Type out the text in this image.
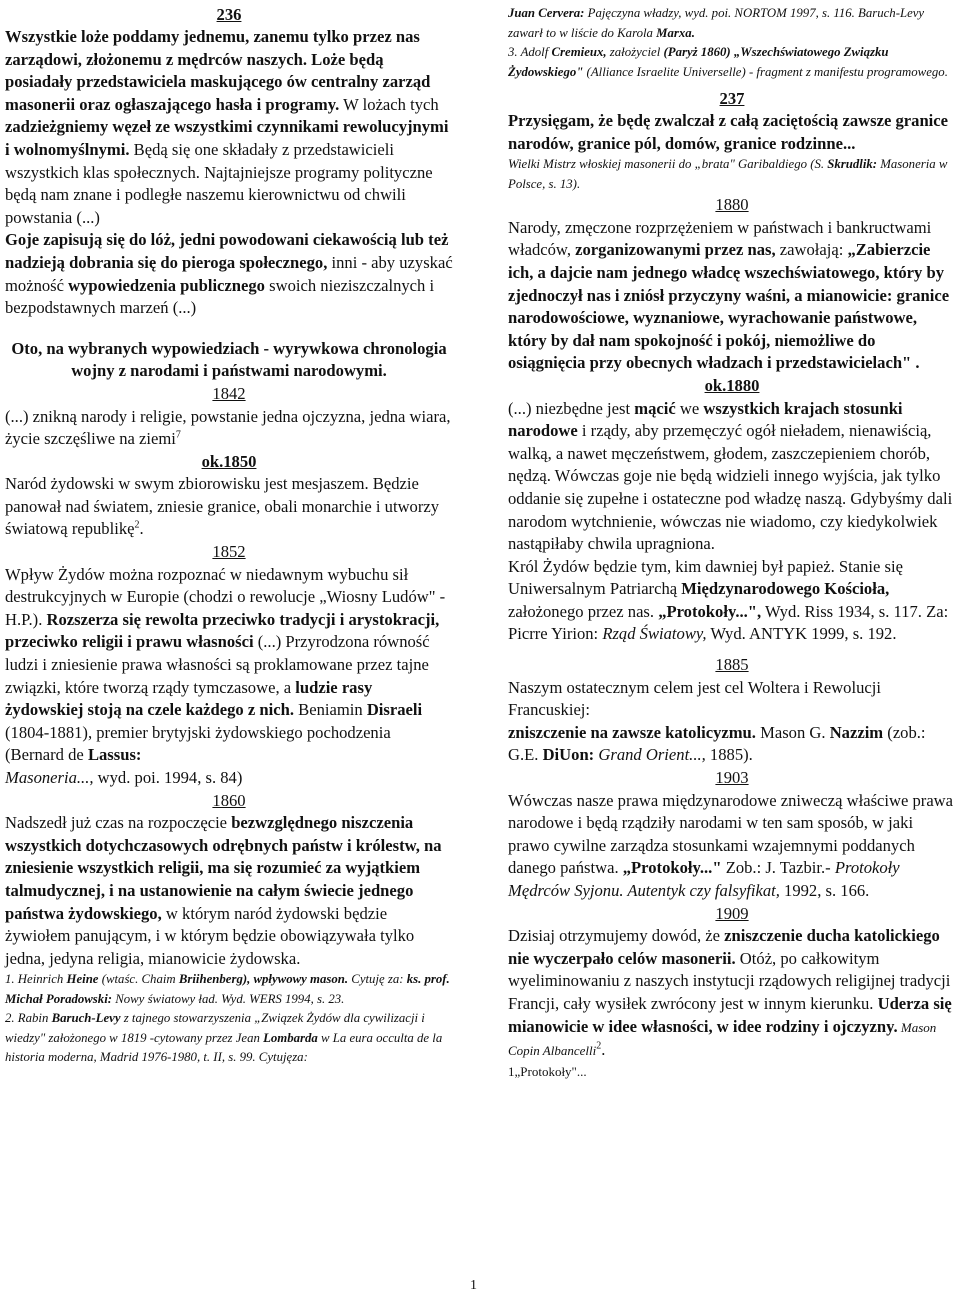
236

Wszystkie loże poddamy jednemu, zanemu tylko przez nas zarządowi, złożonemu z mędrców naszych. Loże będą posiadały przedstawiciela maskującego ów centralny zarząd masonerii oraz ogłaszającego hasła i programy. W lożach tych zadzieżgniemy węzeł ze wszystkimi czynnikami rewolucyjnymi i wolnomyślnymi. Będą się one składały z przedstawicieli wszystkich klas społecznych. Najtajniejsze programy polityczne będą nam znane i podległe naszemu kierownictwu od chwili powstania (...)

Goje zapisują się do lóż, jedni powodowani ciekawością lub też nadzieją dobrania się do pieroga społecznego, inni - aby uzyskać możność wypowiedzenia publicznego swoich nieziszczalnych i bezpodstawnych marzeń (...)

Oto, na wybranych wypowiedziach - wyrywkowa chronologia wojny z narodami i państwami narodowymi.

1842

(...) znikną narody i religie, powstanie jedna ojczyzna, jedna wiara, życie szczęśliwe na ziemi$^7$

ok.1850

Naród żydowski w swym zbiorowisku jest mesjaszem. Będzie panował nad światem, zniesie granice, obali monarchie i utworzy światową republikę$^2$.

1852

Wpływ Żydów można rozpoznać w niedawnym wybuchu sił destrukcyjnych w Europie (chodzi o rewolucje „Wiosny Ludów" - H.P.). Rozszerza się rewolta przeciwko tradycji i arystokracji, przeciwko religii i prawu własności (...) Przyrodzona równość ludzi i zniesienie prawa własności są proklamowane przez tajne związki, które tworzą rządy tymczasowe, a ludzie rasy żydowskiej stoją na czele każdego z nich. Beniamin Disraeli (1804-1881), premier brytyjski żydowskiego pochodzenia (Bernard de Lassus:
Masoneria..., wyd. poi. 1994, s. 84)

1860

Nadszedł już czas na rozpoczęcie bezwzględnego niszczenia wszystkich dotychczasowych odrębnych państw i królestw, na zniesienie wszystkich religii, ma się rozumieć za wyjątkiem talmudycznej, i na ustanowienie na całym świecie jednego państwa żydowskiego, w którym naród żydowski będzie żywiołem panującym, i w którym będzie obowiązywała tylko jedna, jedyna religia, mianowicie żydowska.

1. Heinrich Heine (wtaśc. Chaim Briihenberg), wpływowy mason. Cytuję za: ks. prof. Michał Poradowski: Nowy światowy ład. Wyd. WERS 1994, s. 23.

2. Rabin Baruch-Levy z tajnego stowarzyszenia „Związek Żydów dla cywilizacji i wiedzy" założonego w 1819 -cytowany przez Jean Lombarda w La eura occulta de la historia moderna, Madrid 1976-1980, t. II, s. 99. Cytujęza:

Juan Cervera: Pajęczyna władzy, wyd. poi. NORTOM 1997, s. 116. Baruch-Levy zawarł to w liście do Karola Marxa.
3. Adolf Cremieux, założyciel (Paryż 1860) „Wszechświatowego Związku Żydowskiego" (Alliance Israelite Universelle) - fragment z manifestu programowego.

237

Przysięgam, że będę zwalczał z całą zaciętością zawsze granice narodów, granice pól, domów, granice rodzinne...

Wielki Mistrz włoskiej masonerii do „brata" Garibaldiego (S. Skrudlik: Masoneria w Polsce, s. 13).

1880

Narody, zmęczone rozprzężeniem w państwach i bankructwami władców, zorganizowanymi przez nas, zawołają: „Zabierzcie ich, a dajcie nam jednego władcę wszechświatowego, który by zjednoczył nas i zniósł przyczyny waśni, a mianowicie: granice narodowościowe, wyznaniowe, wyrachowanie państwowe, który by dał nam spokojność i pokój, niemożliwe do osiągnięcia przy obecnych władzach i przedstawicielach" .

ok.1880

(...) niezbędne jest mącić we wszystkich krajach stosunki narodowe i rządy, aby przemęczyć ogół nieładem, nienawiścią, walką, a nawet męczeństwem, głodem, zaszczepieniem chorób, nędzą. Wówczas goje nie będą widzieli innego wyjścia, jak tylko oddanie się zupełne i ostateczne pod władzę naszą. Gdybyśmy dali narodom wytchnienie, wówczas nie wiadomo, czy kiedykolwiek nastąpiłaby chwila upragniona.
Król Żydów będzie tym, kim dawniej był papież. Stanie się Uniwersalnym Patriarchą Międzynarodowego Kościoła, założonego przez nas. „Protokoły...", Wyd. Riss 1934, s. 117. Za: Picrre Yirion: Rząd Światowy, Wyd. ANTYK 1999, s. 192.

1885

Naszym ostatecznym celem jest cel Woltera i Rewolucji Francuskiej:
zniszczenie na zawsze katolicyzmu. Mason G. Nazzim (zob.: G.E. DiUon: Grand Orient..., 1885).

1903

Wówczas nasze prawa międzynarodowe zniweczą właściwe prawa narodowe i będą rządziły narodami w ten sam sposób, w jaki prawo cywilne zarządza stosunkami wzajemnymi poddanych danego państwa. „Protokoły..." Zob.: J. Tazbir.- Protokoły Mędrców Syjonu. Autentyk czy falsyfikat, 1992, s. 166.

1909

Dzisiaj otrzymujemy dowód, że zniszczenie ducha katolickiego nie wyczerpało celów masonerii. Otóż, po całkowitym wyeliminowaniu z naszych instytucji rządowych religijnej tradycji Francji, cały wysiłek zwrócony jest w innym kierunku. Uderza się mianowicie w idee własności, w idee rodziny i ojczyzny. Mason Copin Albancelli$^2$.

1„Protokoły"...

1
